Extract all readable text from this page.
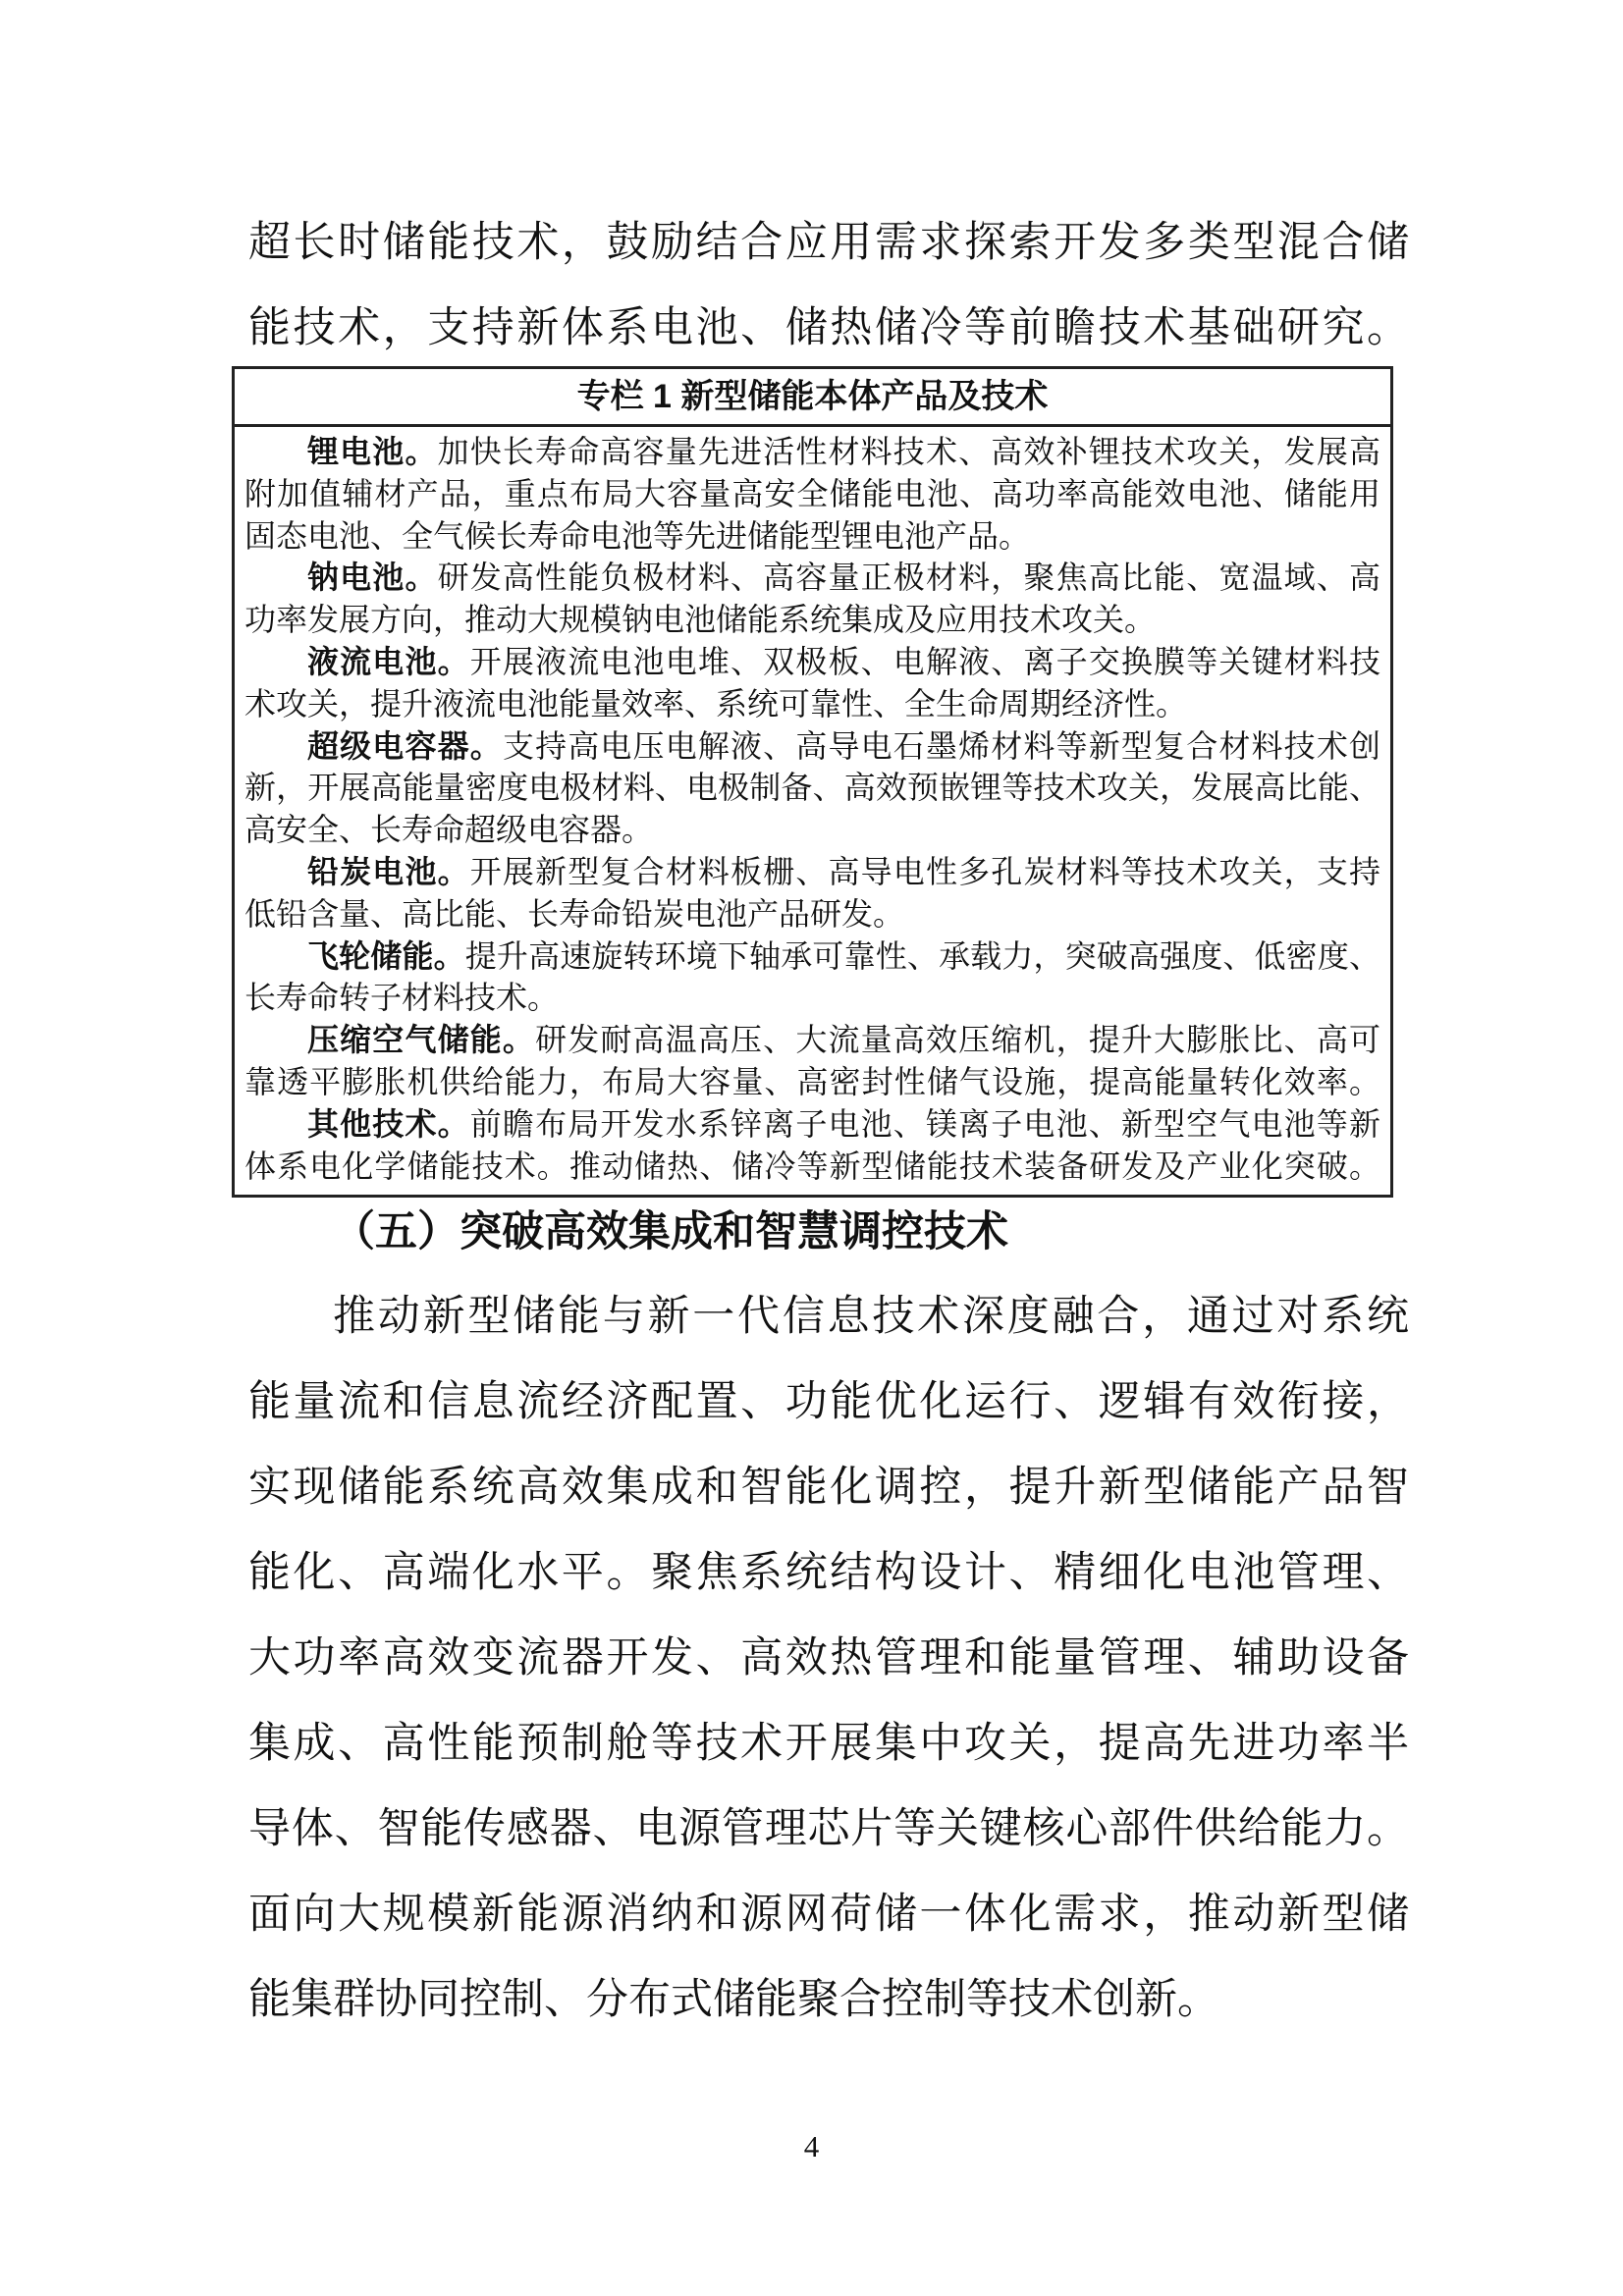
超长时储能技术，鼓励结合应用需求探索开发多类型混合储
能技术，支持新体系电池、储热储冷等前瞻技术基础研究。
专栏 1 新型储能本体产品及技术
锂电池。加快长寿命高容量先进活性材料技术、高效补锂技术攻关，发展高
附加值辅材产品，重点布局大容量高安全储能电池、高功率高能效电池、储能用
固态电池、全气候长寿命电池等先进储能型锂电池产品。
钠电池。研发高性能负极材料、高容量正极材料，聚焦高比能、宽温域、高
功率发展方向，推动大规模钠电池储能系统集成及应用技术攻关。
液流电池。开展液流电池电堆、双极板、电解液、离子交换膜等关键材料技
术攻关，提升液流电池能量效率、系统可靠性、全生命周期经济性。
超级电容器。支持高电压电解液、高导电石墨烯材料等新型复合材料技术创
新，开展高能量密度电极材料、电极制备、高效预嵌锂等技术攻关，发展高比能、
高安全、长寿命超级电容器。
铅炭电池。开展新型复合材料板栅、高导电性多孔炭材料等技术攻关，支持
低铅含量、高比能、长寿命铅炭电池产品研发。
飞轮储能。提升高速旋转环境下轴承可靠性、承载力，突破高强度、低密度、
长寿命转子材料技术。
压缩空气储能。研发耐高温高压、大流量高效压缩机，提升大膨胀比、高可
靠透平膨胀机供给能力，布局大容量、高密封性储气设施，提高能量转化效率。
其他技术。前瞻布局开发水系锌离子电池、镁离子电池、新型空气电池等新
体系电化学储能技术。推动储热、储冷等新型储能技术装备研发及产业化突破。
（五）突破高效集成和智慧调控技术
推动新型储能与新一代信息技术深度融合，通过对系统
能量流和信息流经济配置、功能优化运行、逻辑有效衔接，
实现储能系统高效集成和智能化调控，提升新型储能产品智
能化、高端化水平。聚焦系统结构设计、精细化电池管理、
大功率高效变流器开发、高效热管理和能量管理、辅助设备
集成、高性能预制舱等技术开展集中攻关，提高先进功率半
导体、智能传感器、电源管理芯片等关键核心部件供给能力。
面向大规模新能源消纳和源网荷储一体化需求，推动新型储
能集群协同控制、分布式储能聚合控制等技术创新。
4
